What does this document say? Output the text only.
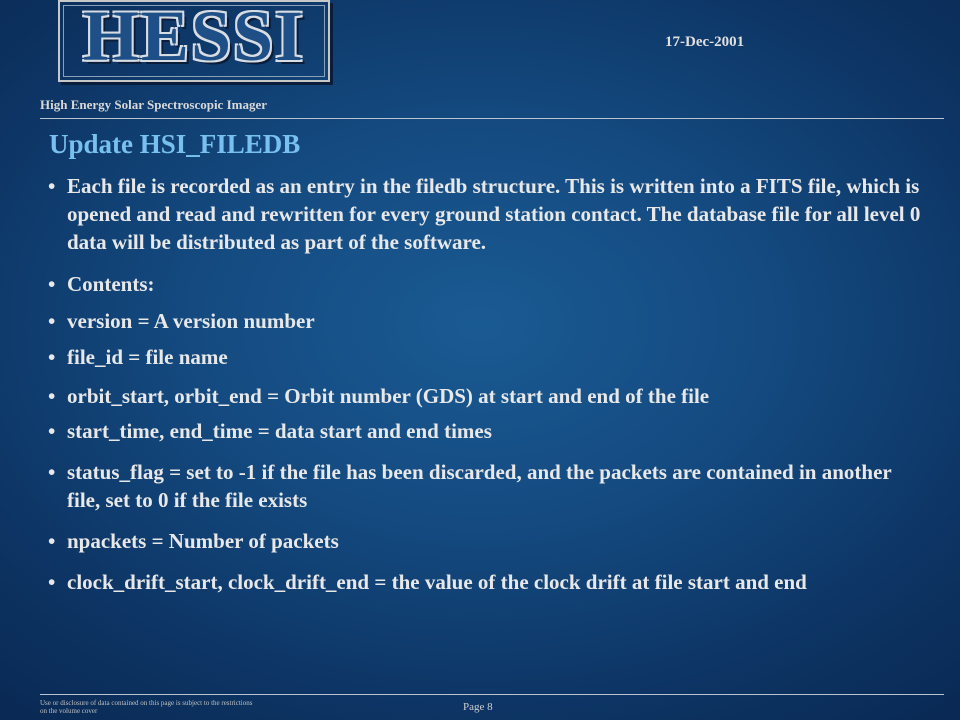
HESSI
High Energy Solar Spectroscopic Imager
17-Dec-2001
Update HSI_FILEDB
• Each file is recorded as an entry in the filedb structure. This is written into a FITS file, which is opened and read and rewritten for every ground station contact. The database file for all level 0 data will be distributed as part of the software.
• Contents:
• version = A version number
• file_id = file name
• orbit_start, orbit_end = Orbit number (GDS) at start and end of the file
• start_time, end_time = data start and end times
• status_flag = set to -1 if the file has been discarded, and the packets are contained in another file, set to 0 if the file exists
• npackets = Number of packets
• clock_drift_start, clock_drift_end = the value of the clock drift at file start and end
Use or disclosure of data contained on this page is subject to the restrictions on the volume cover	Page 8
